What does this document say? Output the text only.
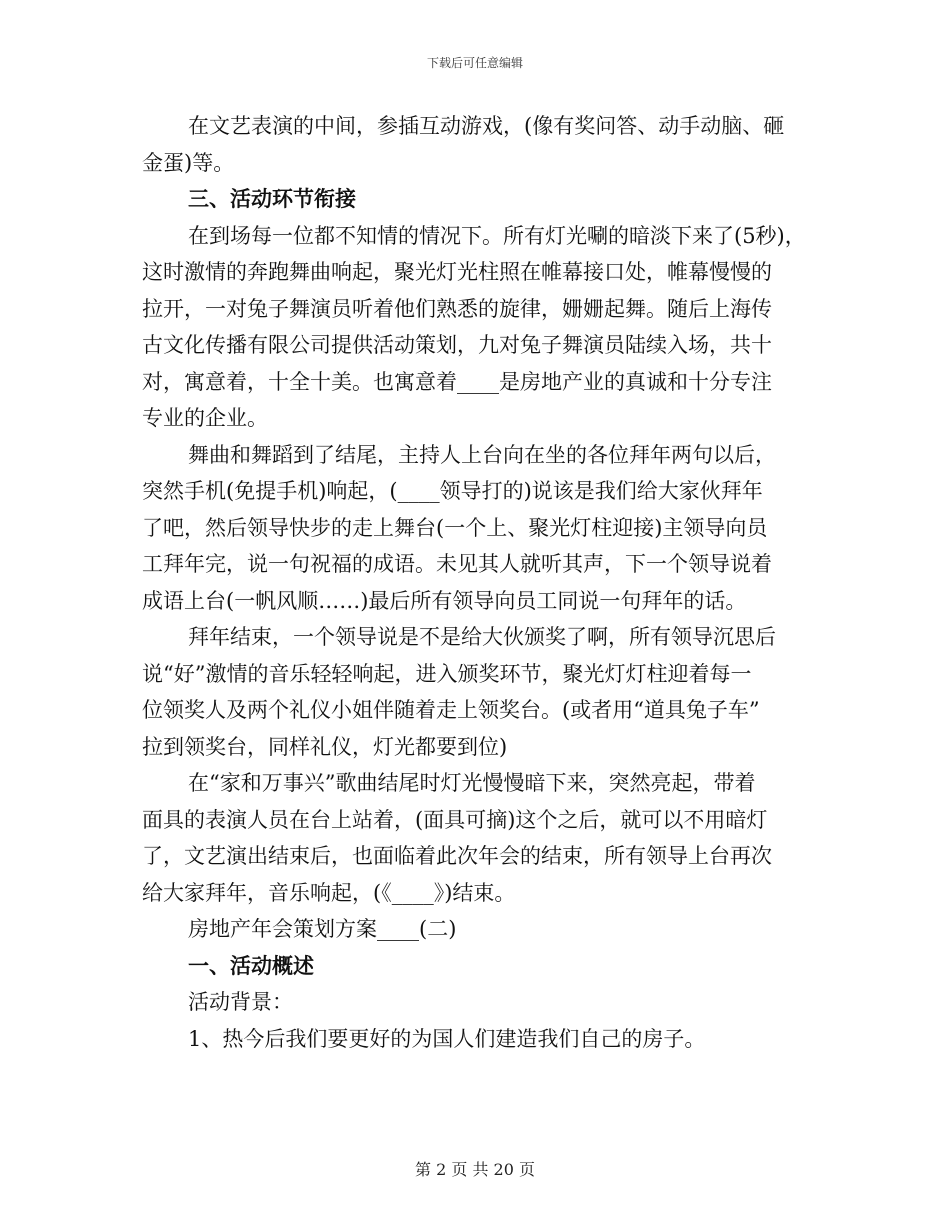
下载后可任意编辑

在文艺表演的中间，参插互动游戏，(像有奖问答、动手动脑、砸

金蛋)等。

三、活动环节衔接

在到场每一位都不知情的情况下。所有灯光唰的暗淡下来了(5秒)，

这时激情的奔跑舞曲响起，聚光灯光柱照在帷幕接口处，帷幕慢慢的

拉开，一对兔子舞演员听着他们熟悉的旋律，姗姗起舞。随后上海传

古文化传播有限公司提供活动策划，九对兔子舞演员陆续入场，共十

对，寓意着，十全十美。也寓意着____是房地产业的真诚和十分专注

专业的企业。

舞曲和舞蹈到了结尾，主持人上台向在坐的各位拜年两句以后，

突然手机(免提手机)响起，(____领导打的)说该是我们给大家伙拜年

了吧，然后领导快步的走上舞台(一个上、聚光灯柱迎接)主领导向员

工拜年完，说一句祝福的成语。未见其人就听其声，下一个领导说着

成语上台(一帆风顺……)最后所有领导向员工同说一句拜年的话。

拜年结束，一个领导说是不是给大伙颁奖了啊，所有领导沉思后

说“好”激情的音乐轻轻响起，进入颁奖环节，聚光灯灯柱迎着每一

位领奖人及两个礼仪小姐伴随着走上领奖台。(或者用“道具兔子车”

拉到领奖台，同样礼仪，灯光都要到位)

在“家和万事兴”歌曲结尾时灯光慢慢暗下来，突然亮起，带着

面具的表演人员在台上站着，(面具可摘)这个之后，就可以不用暗灯

了，文艺演出结束后，也面临着此次年会的结束，所有领导上台再次

给大家拜年，音乐响起，(《____》)结束。

房地产年会策划方案____(二)

一、活动概述

活动背景：

1、热今后我们要更好的为国人们建造我们自己的房子。

第 2 页 共 20 页
